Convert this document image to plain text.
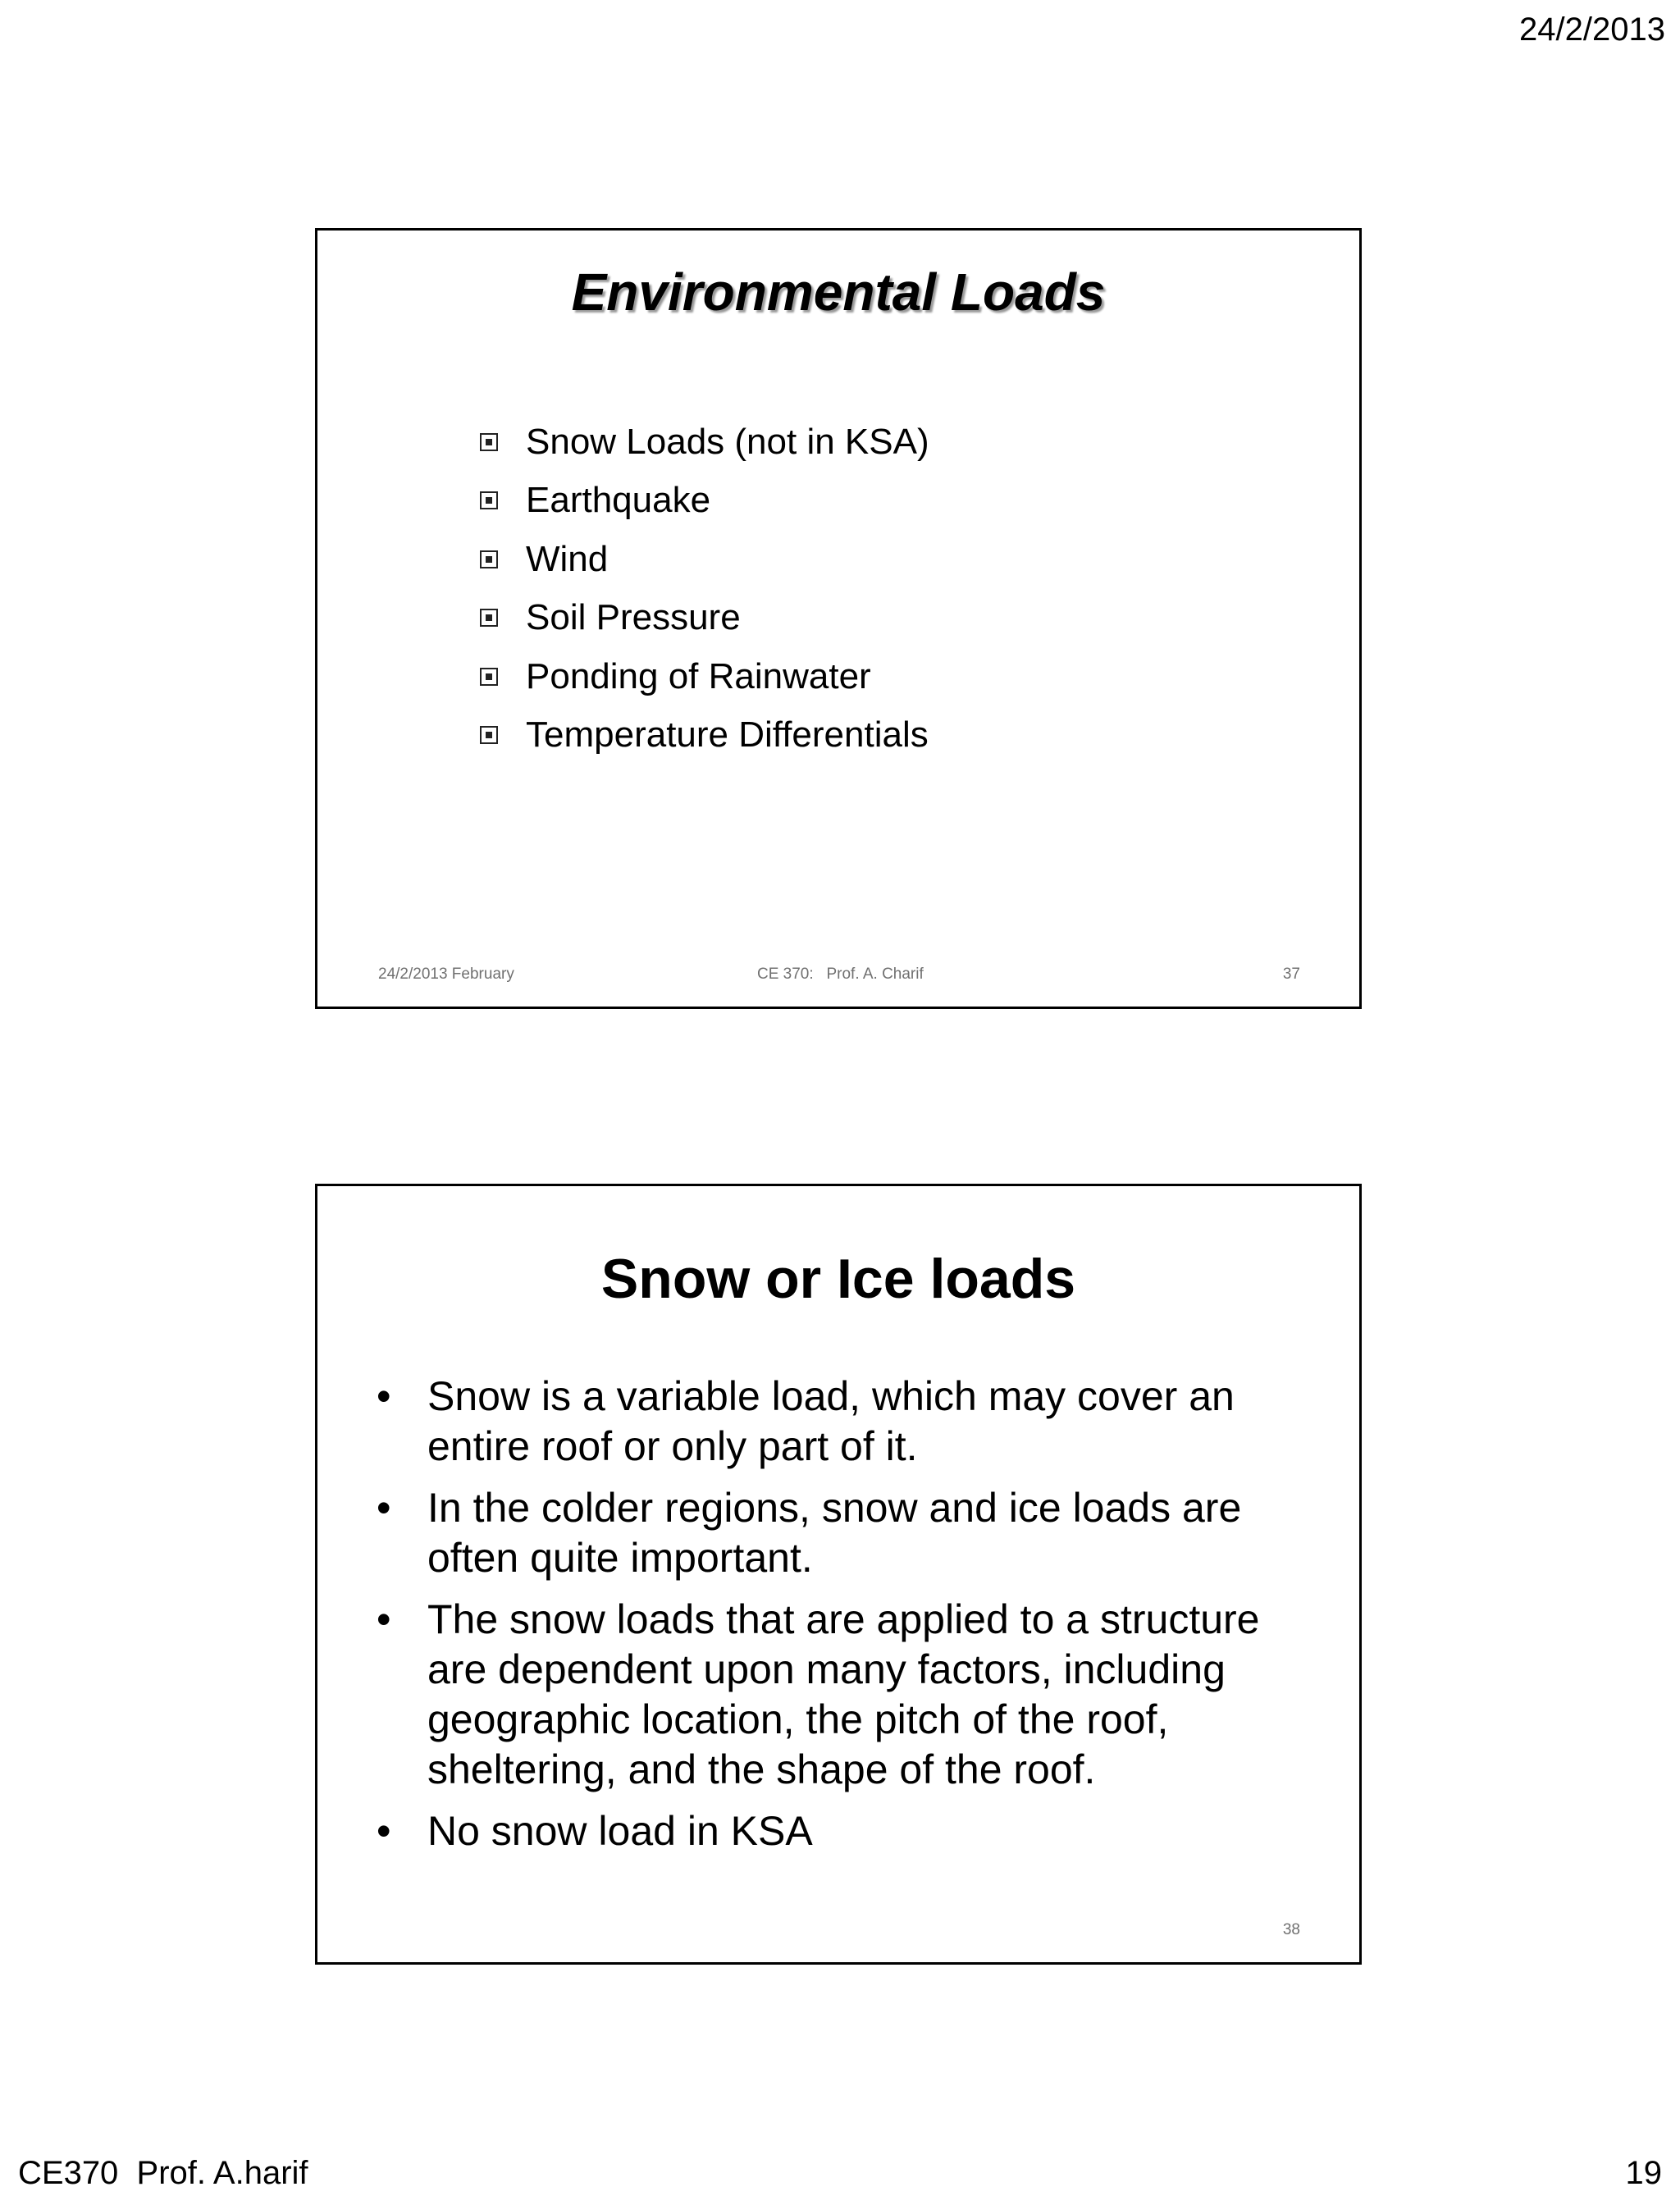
24/2/2013
Environmental Loads
Snow Loads (not in KSA)
Earthquake
Wind
Soil Pressure
Ponding of Rainwater
Temperature Differentials
24/2/2013 February	CE 370:   Prof. A. Charif	37
Snow or Ice loads
• Snow is a variable load, which may cover an entire roof or only part of it.
• In the colder regions, snow and ice loads are often quite important.
• The snow loads that are applied to a structure are dependent upon many factors, including geographic location, the pitch of the roof, sheltering, and the shape of the roof.
• No snow load in KSA
38
CE370  Prof. A.harif	19
